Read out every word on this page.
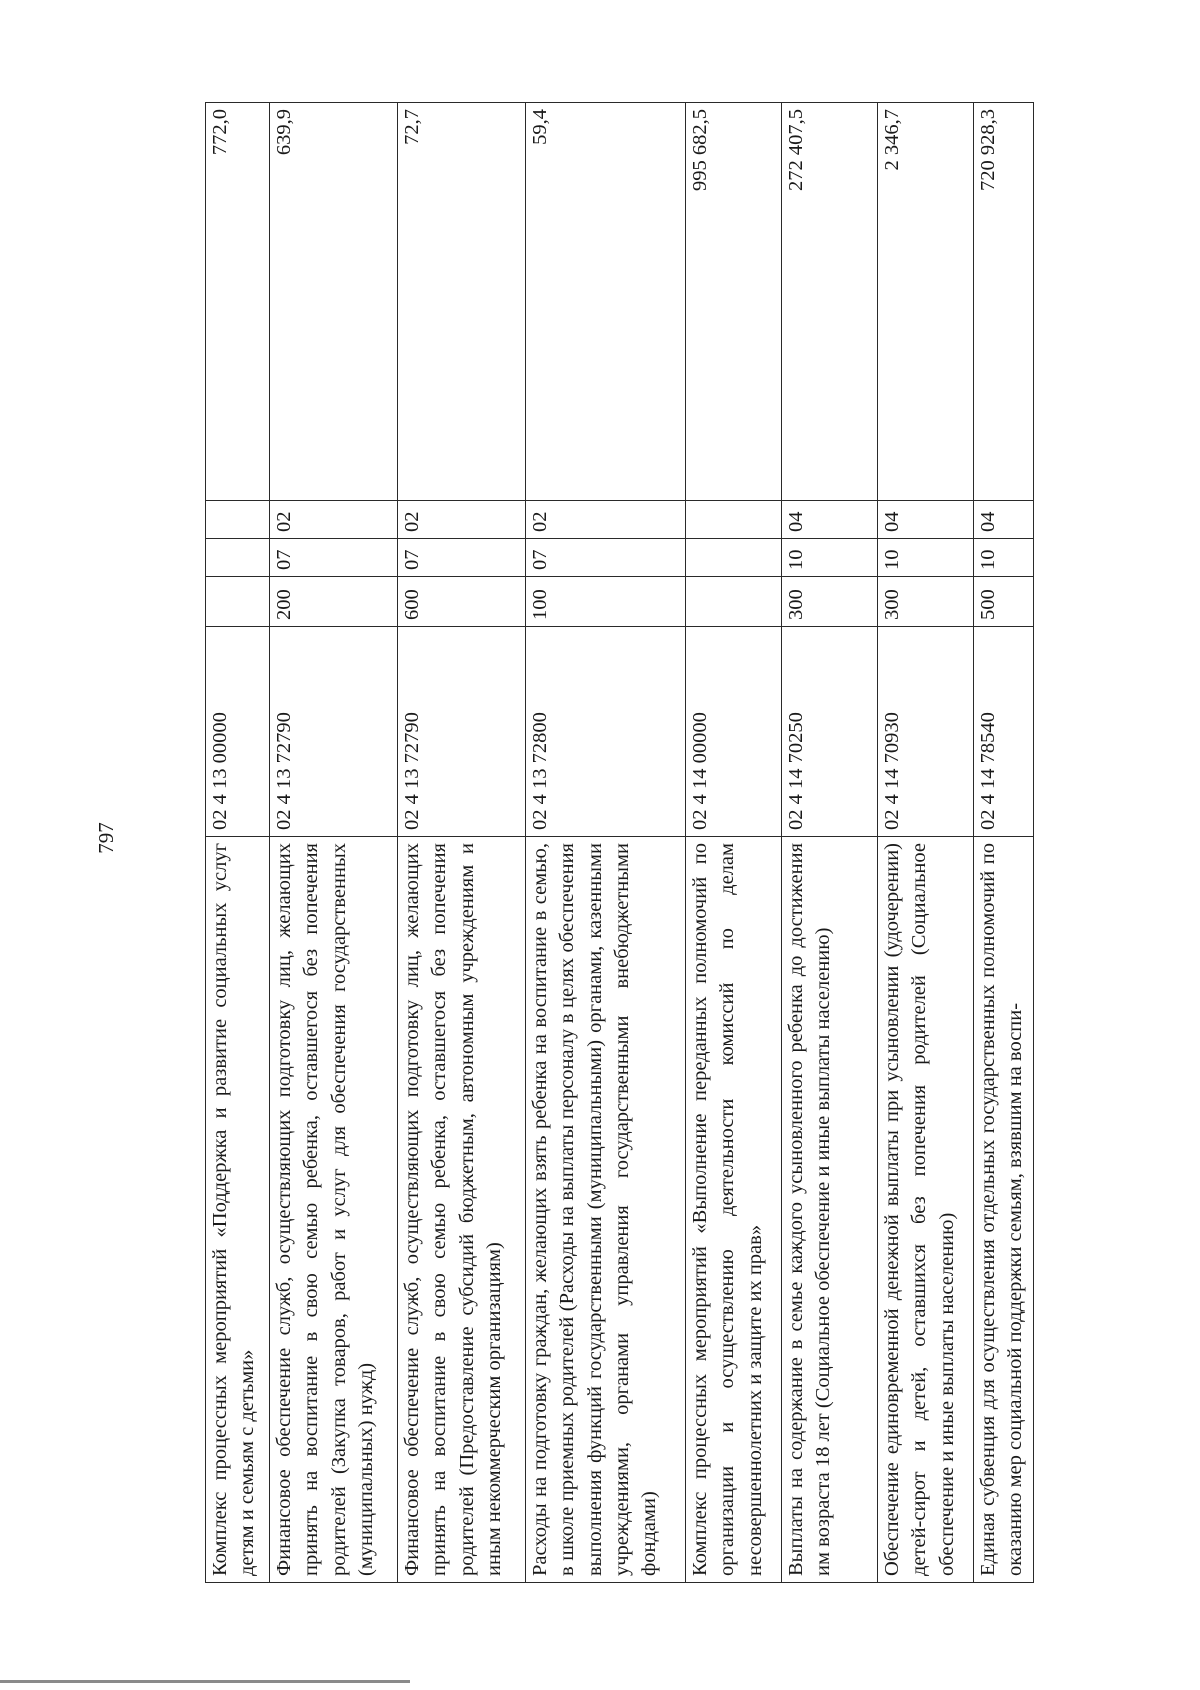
797
Комплекс процессных мероприятий «Поддержка и развитие социальных услуг детям и семьям с детьми»	02 4 13 00000				772,0
Финансовое обеспечение служб, осуществляющих подготовку лиц, желающих принять на воспитание в свою семью ребенка, оставшегося без попечения родителей (Закупка товаров, работ и услуг для обеспечения государственных (муниципальных) нужд)	02 4 13 72790	200	07	02	639,9
Финансовое обеспечение служб, осуществляющих подготовку лиц, желающих принять на воспитание в свою семью ребенка, оставшегося без попечения родителей (Предоставление субсидий бюджетным, автономным учреждениям и иным некоммерческим организациям)	02 4 13 72790	600	07	02	72,7
Расходы на подготовку граждан, желающих взять ребенка на воспитание в семью, в школе приемных родителей (Расходы на выплаты персоналу в целях обеспечения выполнения функций государственными (муниципальными) органами, казенными учреждениями, органами управления государственными внебюджетными фондами)	02 4 13 72800	100	07	02	59,4
Комплекс процессных мероприятий «Выполнение переданных полномочий по организации и осуществлению деятельности комиссий по делам несовершеннолетних и защите их прав»	02 4 14 00000				995 682,5
Выплаты на содержание в семье каждого усыновленного ребенка до достижения им возраста 18 лет (Социальное обеспечение и иные выплаты населению)	02 4 14 70250	300	10	04	272 407,5
Обеспечение единовременной денежной выплаты при усыновлении (удочерении) детей-сирот и детей, оставшихся без попечения родителей (Социальное обеспечение и иные выплаты населению)	02 4 14 70930	300	10	04	2 346,7
Единая субвенция для осуществления отдельных государственных полномочий по оказанию мер социальной поддержки семьям, взявшим на воспи-	02 4 14 78540	500	10	04	720 928,3
